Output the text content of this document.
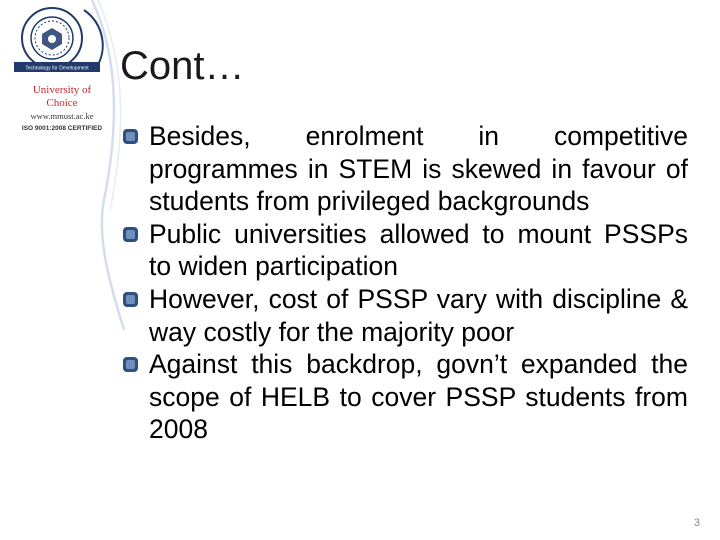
Technology for Development
University of
Choice
www.mmust.ac.ke
ISO 9001:2008 CERTIFIED
Cont…
Besides, enrolment in competitive programmes in STEM is skewed in favour of students from privileged backgrounds
Public universities allowed to mount PSSPs to widen participation
However, cost of PSSP vary with discipline & way costly for the majority poor
Against this backdrop, govn’t expanded the scope of HELB to cover PSSP students from 2008
3
